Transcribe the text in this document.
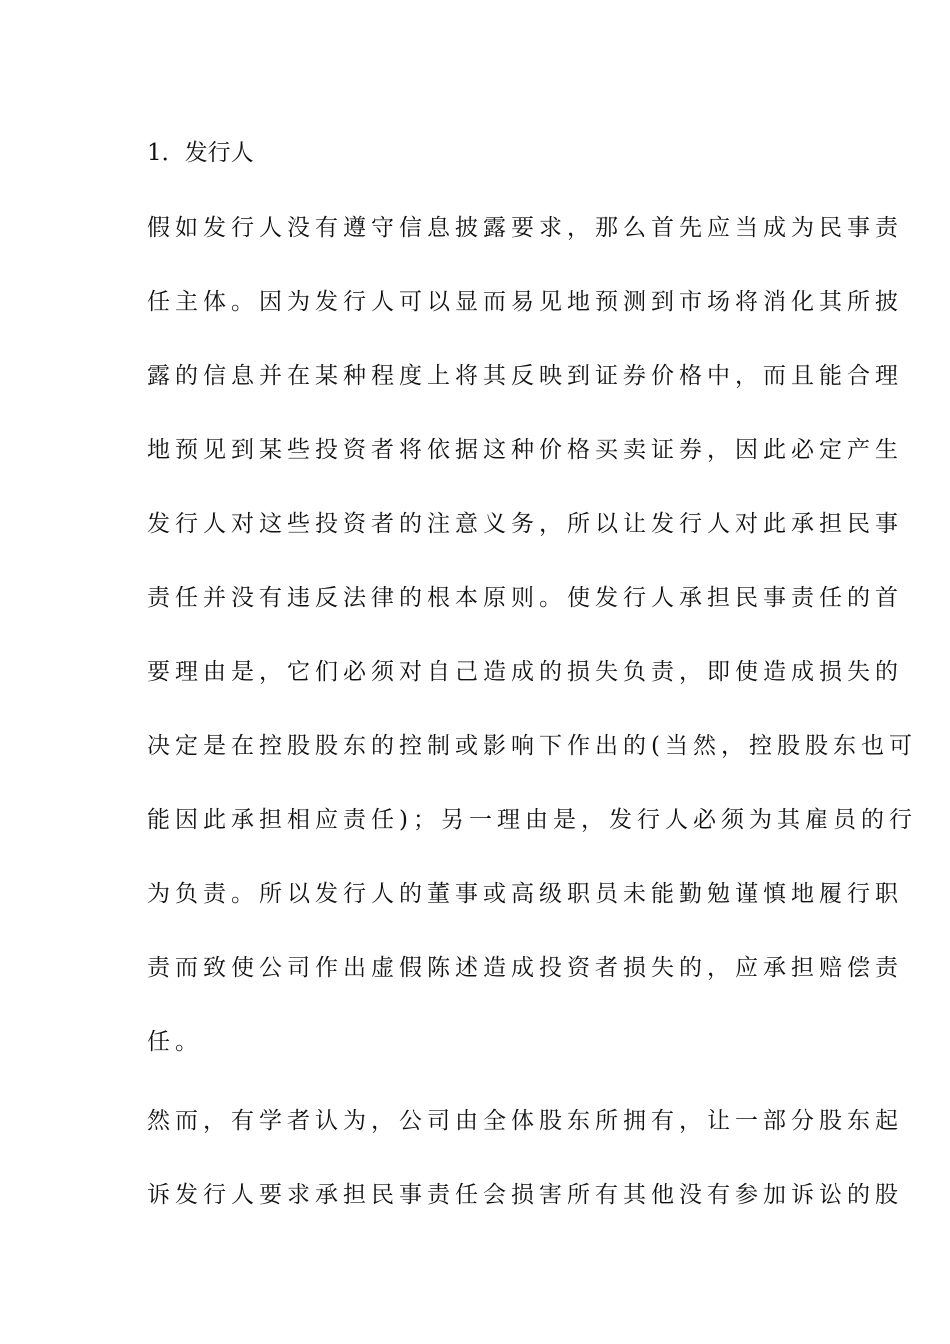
1．发行人

假如发行人没有遵守信息披露要求，那么首先应当成为民事责

任主体。因为发行人可以显而易见地预测到市场将消化其所披

露的信息并在某种程度上将其反映到证券价格中，而且能合理

地预见到某些投资者将依据这种价格买卖证券，因此必定产生

发行人对这些投资者的注意义务，所以让发行人对此承担民事

责任并没有违反法律的根本原则。使发行人承担民事责任的首

要理由是，它们必须对自己造成的损失负责，即使造成损失的

决定是在控股股东的控制或影响下作出的(当然，控股股东也可

能因此承担相应责任)；另一理由是，发行人必须为其雇员的行

为负责。所以发行人的董事或高级职员未能勤勉谨慎地履行职

责而致使公司作出虚假陈述造成投资者损失的，应承担赔偿责

任。

然而，有学者认为，公司由全体股东所拥有，让一部分股东起

诉发行人要求承担民事责任会损害所有其他没有参加诉讼的股
